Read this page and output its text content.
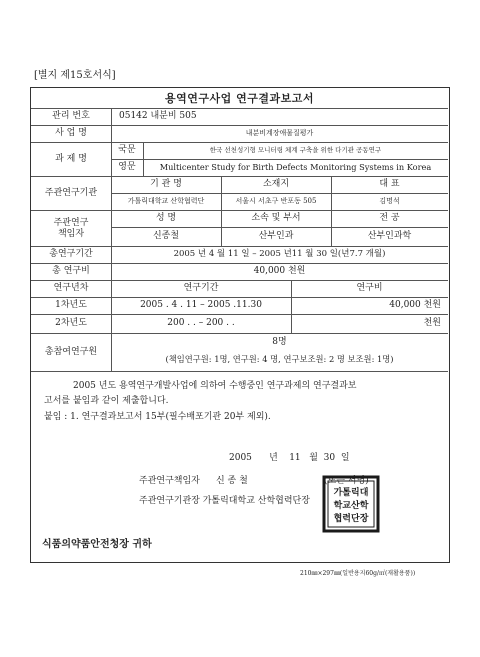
[별지 제15호서식]
용역연구사업 연구결과보고서
관리 번호	05142 내분비 505
사 업 명	내분비계장애물질평가
과 제 명
국문	한국 선천성기형 모니터링 체계 구축을 위한 다기관 공동연구
영문	Multicenter Study for Birth Defects Monitoring Systems in Korea
주관연구기관
기 관 명	소재지	대 표
가톨릭대학교 산학협력단	서울시 서초구 반포동 505	김명석
주관연구
책임자
성 명	소속 및 부서	전 공
신종철	산부인과	산부인과학
총연구기간	2005 년 4 월 11 일 – 2005 년11 월 30 일(년7.7 개월)
총 연구비	40,000 천원
연구년차	연구기간	연구비
1차년도	2005 . 4 . 11 – 2005 .11.30	40,000 천원
2차년도	200 . . – 200 . .	천원
총참여연구원
8명
(책임연구원: 1명, 연구원: 4 명, 연구보조원: 2 명 보조원: 1명)
2005 년도 용역연구개발사업에 의하여 수행중인 연구과제의 연구결과보
고서를 붙임과 같이 제출합니다.
붙임 : 1. 연구결과보고서 15부(필수배포기관 20부 제외).
2005      년    11   월  30  일
주관연구책임자 신 종 철	(또는 서명)
주관연구기관장 가톨릭대학교 산학협력단장
식품의약품안전청장 귀하
가톨릭대
학교산학
협력단장
210㎜×297㎜(일반용지60g/㎡(재활용품))
